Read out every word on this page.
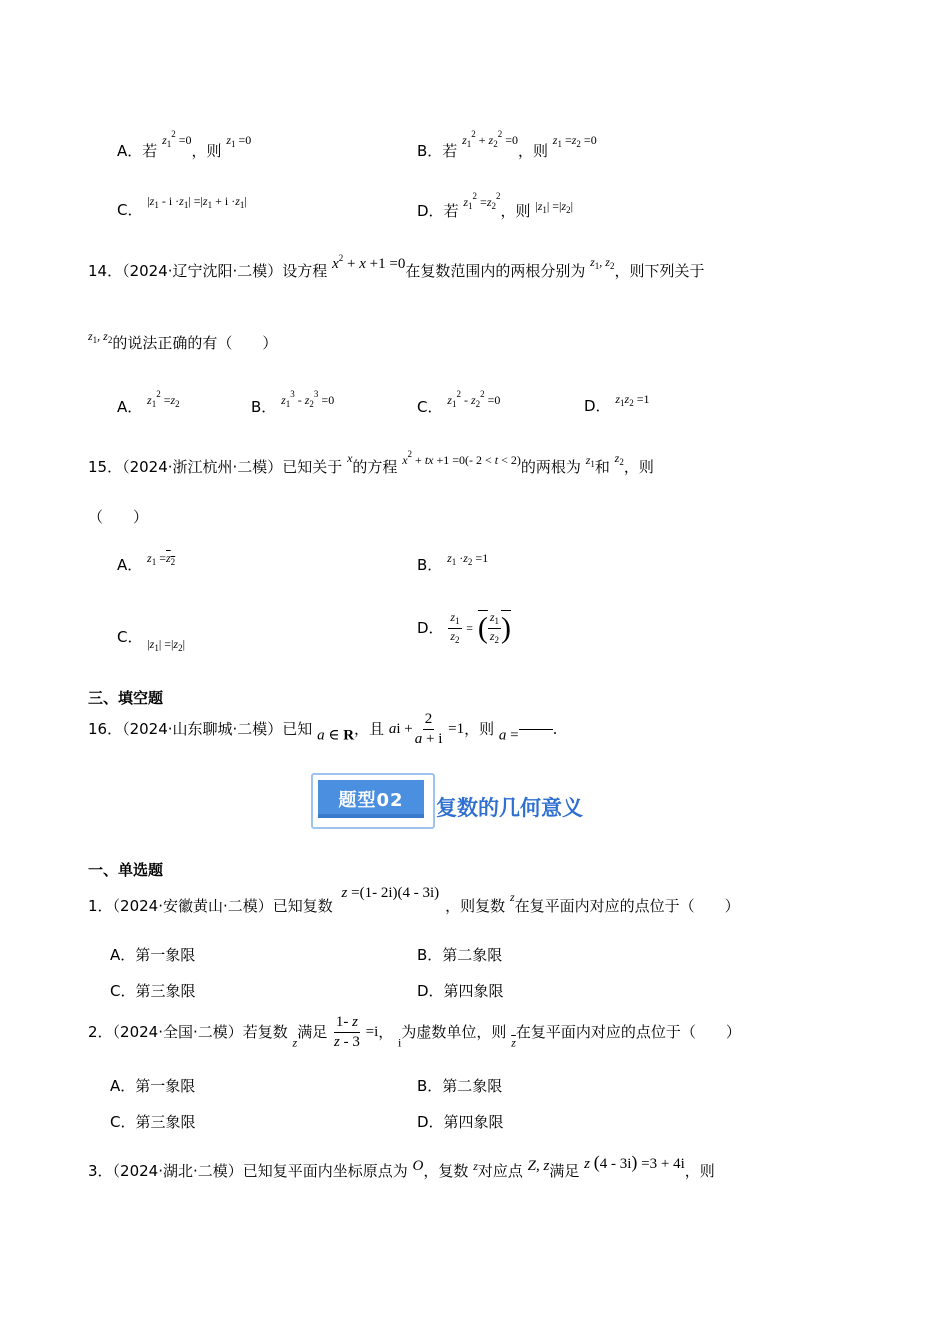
A．若 $^{z_1^2 =0}$，则 $^{z_1 =0}$
B．若 $^{z_1^2 + z_2^2 =0}$，则 $^{z_1 =z_2 =0}$
C． $^{|z_1 - i \cdot z_1| =|z_1 + i \cdot z_1|}$
D．若 $^{z_1^2 =z_2^2}$，则 $^{|z_1| =|z_2|}$
14．（2024·辽宁沈阳·二模）设方程 $x^2 + x +1 =0$在复数范围内的两根分别为 $^{z_1, z_2}$，则下列关于
$^{z_1, z_2}$的说法正确的有（　　）
A． $^{z_1^2 =z_2}$	B． $^{z_1^3 - z_2^3 =0}$	C． $^{z_1^2 - z_2^2 =0}$	D． $^{z_1z_2 =1}$
15．（2024·浙江杭州·二模）已知关于 $^x$的方程 $^{x^2 + tx +1 =0(- 2 < t < 2)}$的两根为 $^{z_1}$和 $^{z_2}$，则
（　　）
A． $^{z_1 =z_2}$	B． $^{z_1 \cdot z_2 =1}$
C． $_{|z_1| =|z_2|}$
D． $\frac{z_1}{z_2}$ = ( $\frac{z_1}{z_2}$ )
三、填空题
16．（2024·山东聊城·二模）已知 a ∈ R，且 ai + $\frac{2}{a + i} =1$，则 a = .
题型02	复数的几何意义
一、单选题
1．（2024·安徽黄山·二模）已知复数 z =(1- 2i)(4 - 3i)，则复数 $^z$在复平面内对应的点位于（　　）
A．第一象限	B．第二象限
C．第三象限	D．第四象限
2．（2024·全国·二模）若复数 $_z$满足 $\frac{1- z}{z - 3} =i$， $_i$为虚数单位，则 $_{\overline{z}}$在复平面内对应的点位于（　　）
A．第一象限	B．第二象限
C．第三象限	D．第四象限
3．（2024·湖北·二模）已知复平面内坐标原点为 O，复数 $^z$对应点 Z, z满足 z (4 - 3i) =3 + 4i，则
